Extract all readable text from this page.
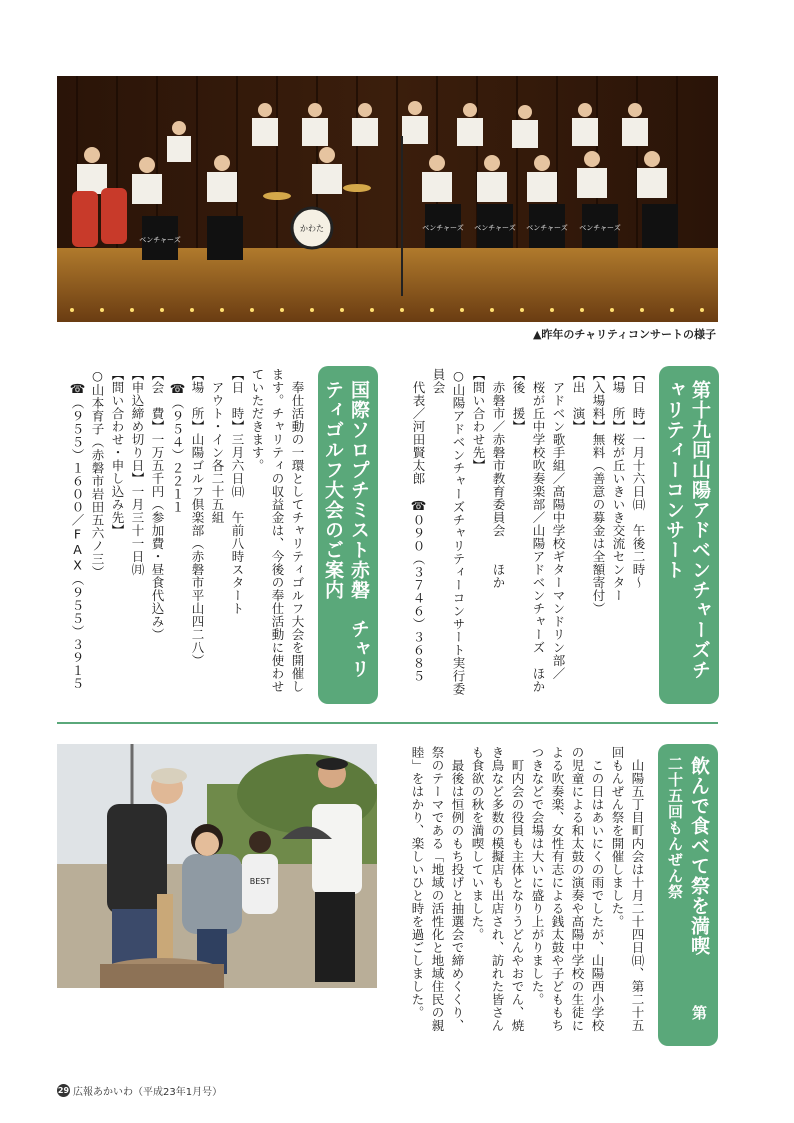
ベンチャーズ
ベンチャーズ ベンチャーズ ベンチャーズ ベンチャーズ
かわた
▲昨年のチャリティコンサートの様子
第十九回山陽アドベンチャーズチャリティーコンサート

【日　時】一月十六日㈰　午後二時〜

【場　所】桜が丘いきいき交流センター

【入場料】無料（善意の募金は全額寄付）

【出　演】

　アドベン歌手組／高陽中学校ギターマンドリン部／

　桜が丘中学校吹奏楽部／山陽アドベンチャーズ　ほか

【後　援】

　赤磐市／赤磐市教育委員会　　ほか

【問い合わせ先】

○山陽アドベンチャーズチャリティーコンサート実行委員会

　代表／河田賢太郎　☎０９０（３７４６）３６８５

国際ソロプチミスト赤磐 チャリティゴルフ大会のご案内

　奉仕活動の一環としてチャリティゴルフ大会を開催し

ます。チャリティの収益金は、今後の奉仕活動に使わせ

ていただきます。

【日　時】三月六日㈰　午前八時スタート

　アウト・イン各二十五組

【場　所】山陽ゴルフ倶楽部（赤磐市平山四二八）

　☎（９５４）２２１１

【会　費】一万五千円（参加費・昼食代込み）

【申込締め切り日】一月三十一日㈪

【問い合わせ・申し込み先】

○山本育子（赤磐市岩田五六ノ三）

　☎（９５５）１６００／FAX（９５５）３９１５

飲んで食べて祭を満喫 第二十五回もんぜん祭

　山陽五丁目町内会は十月二十四日㈰、第二十五

回もんぜん祭を開催しました。

　この日はあいにくの雨でしたが、山陽西小学校

の児童による和太鼓の演奏や高陽中学校の生徒に

よる吹奏楽、女性有志による銭太鼓や子どももち

つきなどで会場は大いに盛り上がりました。

　町内会の役員も主体となりうどんやおでん、焼

き鳥など多数の模擬店も出店され、訪れた皆さん

も食欲の秋を満喫していました。

　最後は恒例のもち投げと抽選会で締めくくり、

祭のテーマである「地域の活性化と地域住民の親

睦」をはかり、楽しいひと時を過ごしました。

BEST
29 広報あかいわ（平成23年1月号）
